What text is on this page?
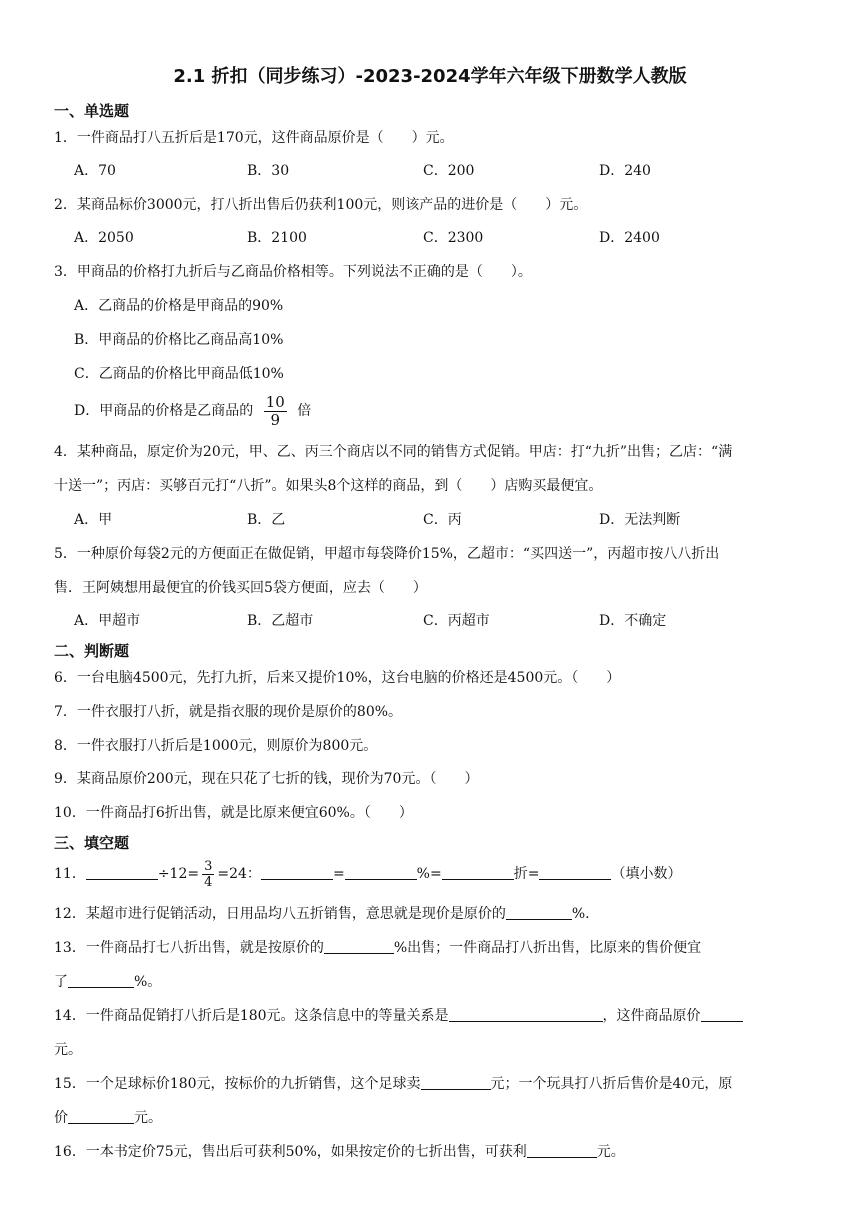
2.1 折扣（同步练习）-2023-2024学年六年级下册数学人教版
一、单选题
1．一件商品打八五折后是170元，这件商品原价是（　　）元。
A．70	B．30	C．200	D．240
2．某商品标价3000元，打八折出售后仍获利100元，则该产品的进价是（　　）元。
A．2050	B．2100	C．2300	D．2400
3．甲商品的价格打九折后与乙商品价格相等。下列说法不正确的是（　　）。
A．乙商品的价格是甲商品的90%
B．甲商品的价格比乙商品高10%
C．乙商品的价格比甲商品低10%
D．甲商品的价格是乙商品的 $\frac{10}{9}$ 倍
4．某种商品，原定价为20元，甲、乙、丙三个商店以不同的销售方式促销。甲店：打“九折”出售；乙店：“满
十送一”；丙店：买够百元打“八折”。如果头8个这样的商品，到（　　）店购买最便宜。
A．甲	B．乙	C．丙	D．无法判断
5．一种原价每袋2元的方便面正在做促销，甲超市每袋降价15%，乙超市：“买四送一”，丙超市按八八折出
售．王阿姨想用最便宜的价钱买回5袋方便面，应去（　　）
A．甲超市	B．乙超市	C．丙超市	D．不确定
二、判断题
6．一台电脑4500元，先打九折，后来又提价10%，这台电脑的价格还是4500元。（　　）
7．一件衣服打八折，就是指衣服的现价是原价的80%。
8．一件衣服打八折后是1000元，则原价为800元。
9．某商品原价200元，现在只花了七折的钱，现价为70元。（　　）
10．一件商品打6折出售，就是比原来便宜60%。（　　）
三、填空题
11．	$\div 12= \frac{3}{4} =24$：	=	%=	折=	（填小数）
12．某超市进行促销活动，日用品均八五折销售，意思就是现价是原价的	%.
13．一件商品打七八折出售，就是按原价的	%出售；一件商品打八折出售，比原来的售价便宜
了	%。
14．一件商品促销打八折后是180元。这条信息中的等量关系是	，这件商品原价
元。
15．一个足球标价180元，按标价的九折销售，这个足球卖	元；一个玩具打八折后售价是40元，原
价	元。
16．一本书定价75元，售出后可获利50%，如果按定价的七折出售，可获利	元。
